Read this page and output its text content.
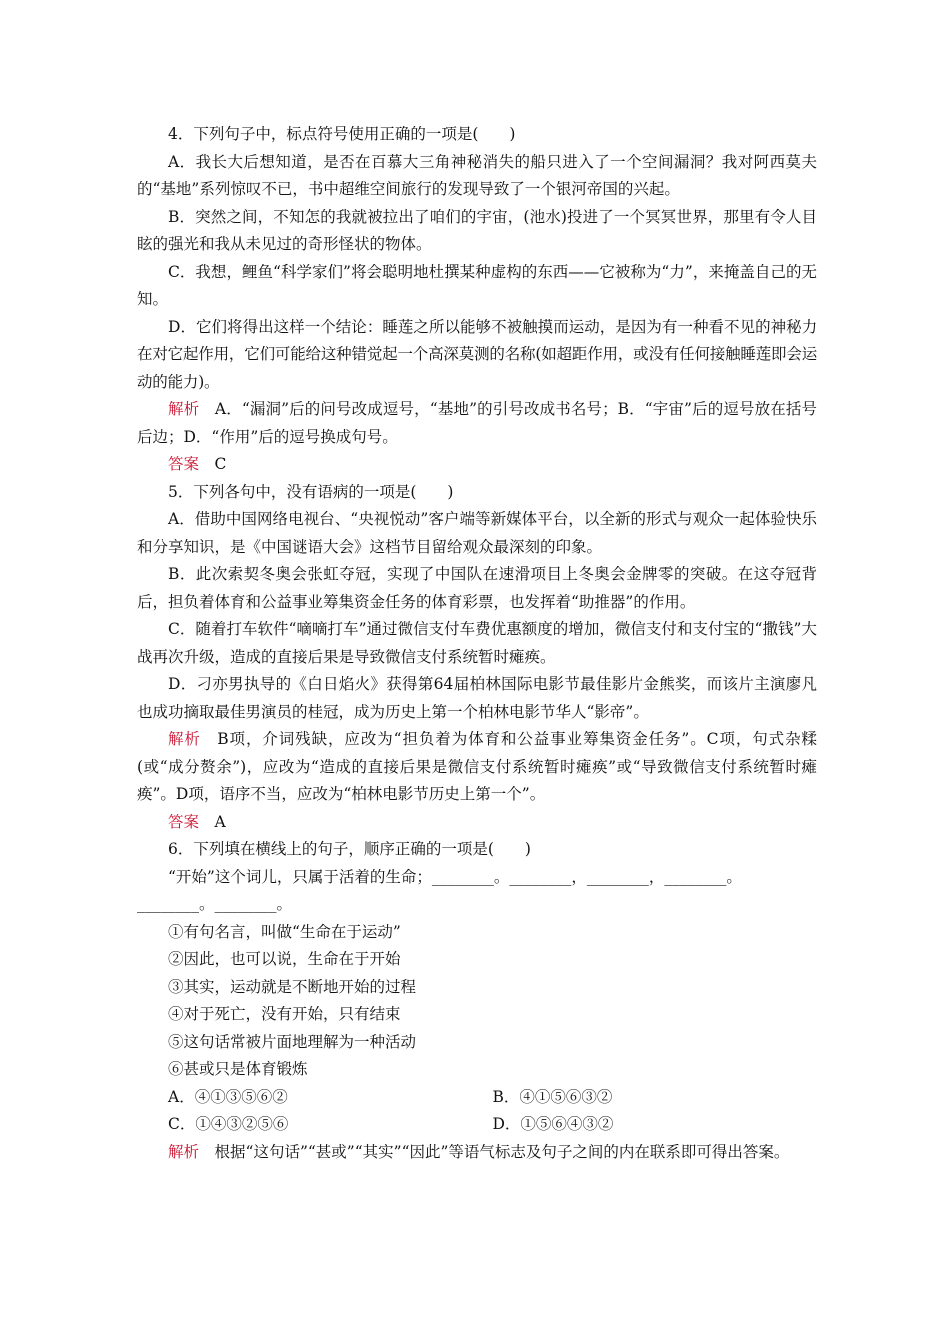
4．下列句子中，标点符号使用正确的一项是(　　)

A．我长大后想知道，是否在百慕大三角神秘消失的船只进入了一个空间漏洞？我对阿西莫夫的“基地”系列惊叹不已，书中超维空间旅行的发现导致了一个银河帝国的兴起。

B．突然之间，不知怎的我就被拉出了咱们的宇宙，(池水)投进了一个冥冥世界，那里有令人目眩的强光和我从未见过的奇形怪状的物体。

C．我想，鲤鱼“科学家们”将会聪明地杜撰某种虚构的东西——它被称为“力”，来掩盖自己的无知。

D．它们将得出这样一个结论：睡莲之所以能够不被触摸而运动，是因为有一种看不见的神秘力在对它起作用，它们可能给这种错觉起一个高深莫测的名称(如超距作用，或没有任何接触睡莲即会运动的能力)。

解析　 A．“漏洞”后的问号改成逗号，“基地”的引号改成书名号；B．“宇宙”后的逗号放在括号后边；D．“作用”后的逗号换成句号。

答案　 C

5．下列各句中，没有语病的一项是(　　)

A．借助中国网络电视台、“央视悦动”客户端等新媒体平台，以全新的形式与观众一起体验快乐和分享知识，是《中国谜语大会》这档节目留给观众最深刻的印象。

B．此次索契冬奥会张虹夺冠，实现了中国队在速滑项目上冬奥会金牌零的突破。在这夺冠背后，担负着体育和公益事业筹集资金任务的体育彩票，也发挥着“助推器”的作用。

C．随着打车软件“嘀嘀打车”通过微信支付车费优惠额度的增加，微信支付和支付宝的“撒钱”大战再次升级，造成的直接后果是导致微信支付系统暂时瘫痪。

D．刁亦男执导的《白日焰火》获得第64届柏林国际电影节最佳影片金熊奖，而该片主演廖凡也成功摘取最佳男演员的桂冠，成为历史上第一个柏林电影节华人“影帝”。

解析　 B项，介词残缺，应改为“担负着为体育和公益事业筹集资金任务”。C项，句式杂糅(或“成分赘余”)，应改为“造成的直接后果是微信支付系统暂时瘫痪”或“导致微信支付系统暂时瘫痪”。D项，语序不当，应改为“柏林电影节历史上第一个”。

答案　 A

6．下列填在横线上的句子，顺序正确的一项是(　　)

“开始”这个词儿，只属于活着的生命；________。________，________，________。

________。________。

①有句名言，叫做“生命在于运动”

②因此，也可以说，生命在于开始

③其实，运动就是不断地开始的过程

④对于死亡，没有开始，只有结束

⑤这句话常被片面地理解为一种活动

⑥甚或只是体育锻炼

A．④①③⑤⑥②	B．④①⑤⑥③②
C．①④③②⑤⑥	D．①⑤⑥④③②

解析　 根据“这句话”“甚或”“其实”“因此”等语气标志及句子之间的内在联系即可得出答案。
